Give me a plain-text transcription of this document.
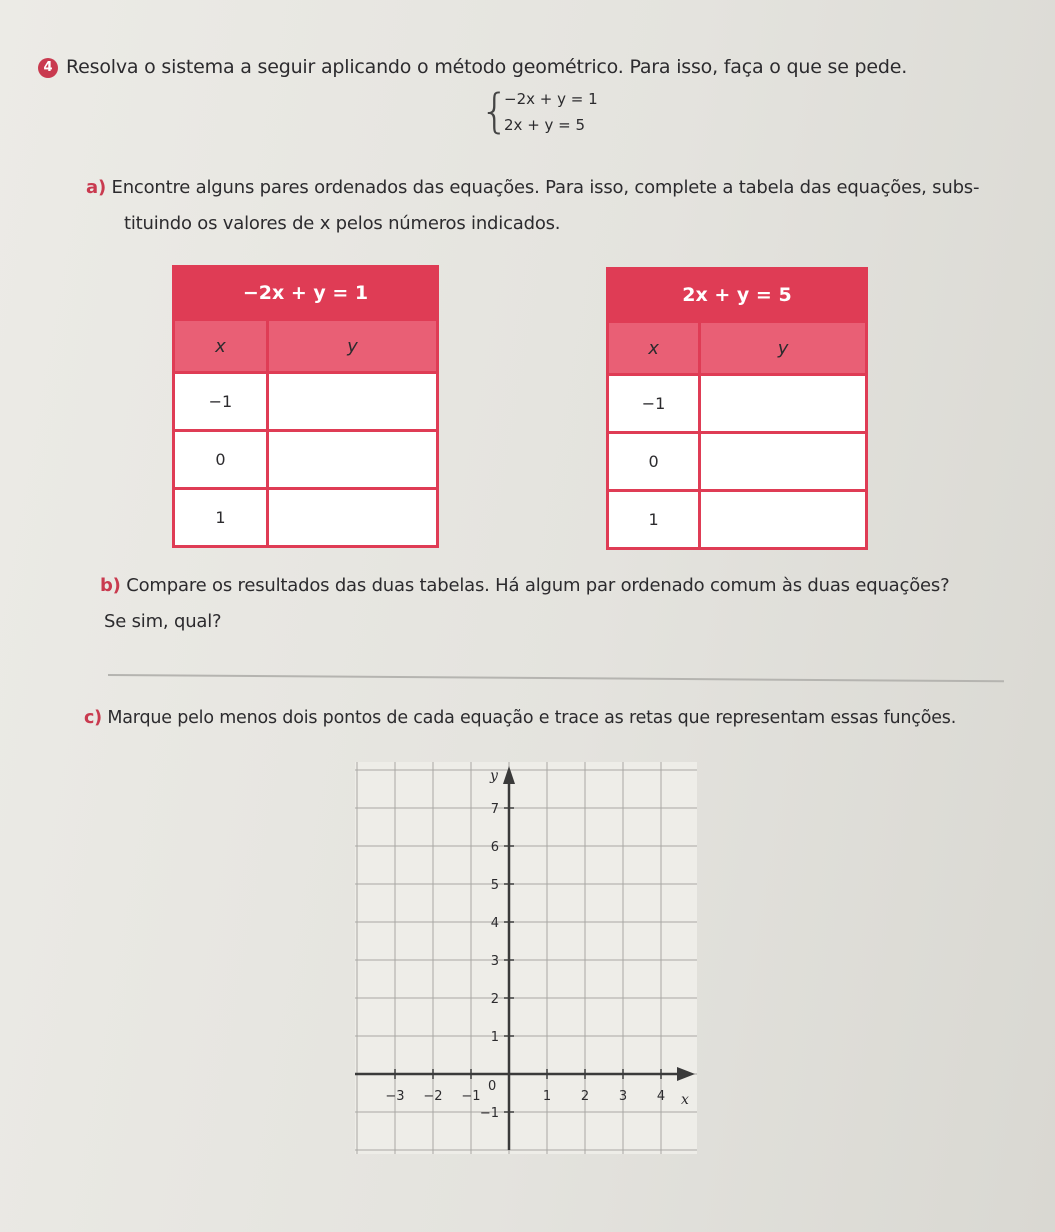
4 Resolva o sistema a seguir aplicando o método geométrico. Para isso, faça o que se pede.
{
−2x + y = 1
2x + y = 5
a) Encontre alguns pares ordenados das equações. Para isso, complete a tabela das equações, subs-
tituindo os valores de x pelos números indicados.
−2x + y = 1	
x	y
−1	
0	
1	
2x + y = 5	
x	y
−1	
0	
1	
b) Compare os resultados das duas tabelas. Há algum par ordenado comum às duas equações?
Se sim, qual?
c) Marque pelo menos dois pontos de cada equação e trace as retas que representam essas funções.
7
6
5
4
3
2
1
−1
−3 −2 −1	1 2 3 4
y
x
0
